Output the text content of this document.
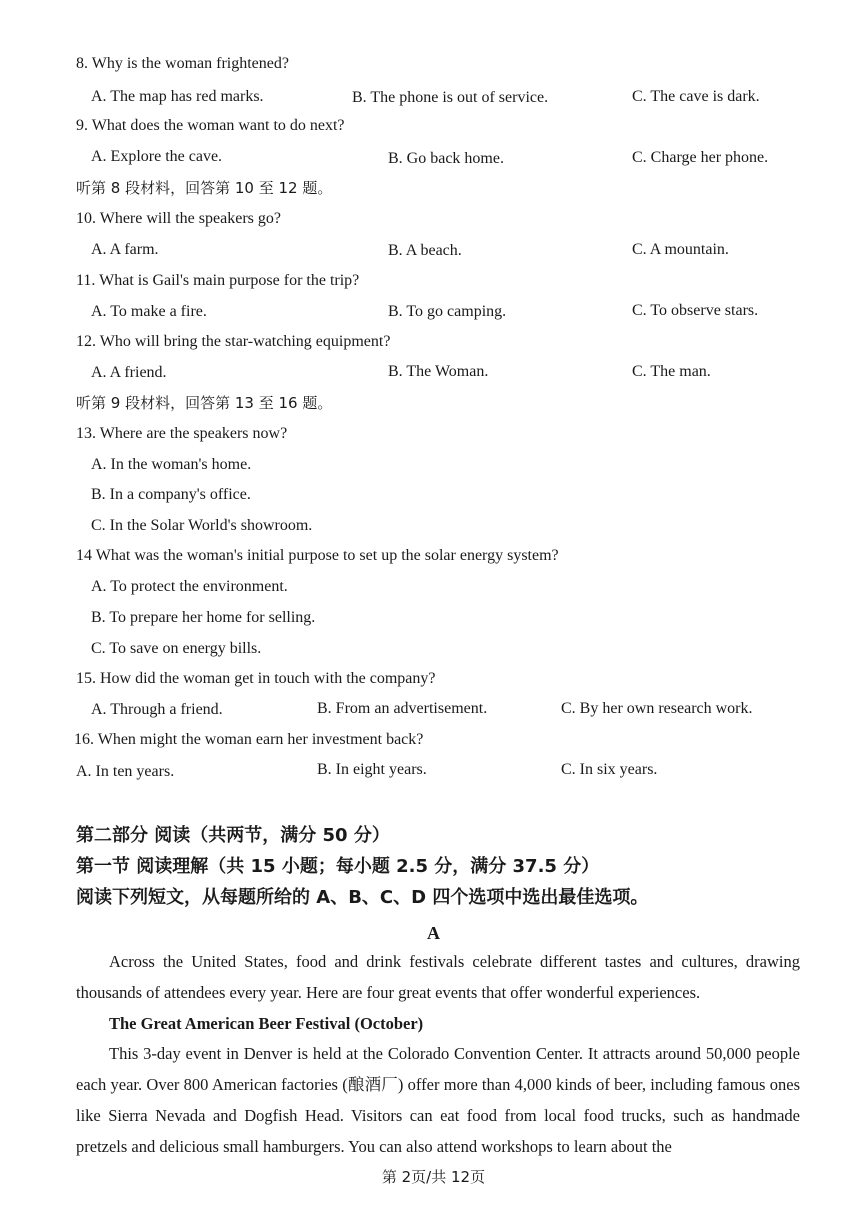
8. Why is the woman frightened?
A. The map has red marks.	B. The phone is out of service.	C. The cave is dark.
9. What does the woman want to do next?
A. Explore the cave.	B. Go back home.	C. Charge her phone.
听第 8 段材料，回答第 10 至 12 题。
10. Where will the speakers go?
A. A farm.	B. A beach.	C. A mountain.
11. What is Gail's main purpose for the trip?
A. To make a fire.	B. To go camping.	C. To observe stars.
12. Who will bring the star-watching equipment?
A. A friend.	B. The Woman.	C. The man.
听第 9 段材料，回答第 13 至 16 题。
13. Where are the speakers now?
A. In the woman's home.
B. In a company's office.
C. In the Solar World's showroom.
14 What was the woman's initial purpose to set up the solar energy system?
A. To protect the environment.
B. To prepare her home for selling.
C. To save on energy bills.
15. How did the woman get in touch with the company?
A. Through a friend.	B. From an advertisement.	C. By her own research work.
16. When might the woman earn her investment back?
A. In ten years.	B. In eight years.	C. In six years.
第二部分 阅读（共两节，满分 50 分）
第一节 阅读理解（共 15 小题；每小题 2.5 分，满分 37.5 分）
阅读下列短文，从每题所给的 A、B、C、D 四个选项中选出最佳选项。
A

Across the United States, food and drink festivals celebrate different tastes and cultures, drawing thousands of attendees every year. Here are four great events that offer wonderful experiences.

The Great American Beer Festival (October)

This 3-day event in Denver is held at the Colorado Convention Center. It attracts around 50,000 people each year. Over 800 American factories (酿酒厂) offer more than 4,000 kinds of beer, including famous ones like Sierra Nevada and Dogfish Head. Visitors can eat food from local food trucks, such as handmade pretzels and delicious small hamburgers. You can also attend workshops to learn about the

第 2页/共 12页
